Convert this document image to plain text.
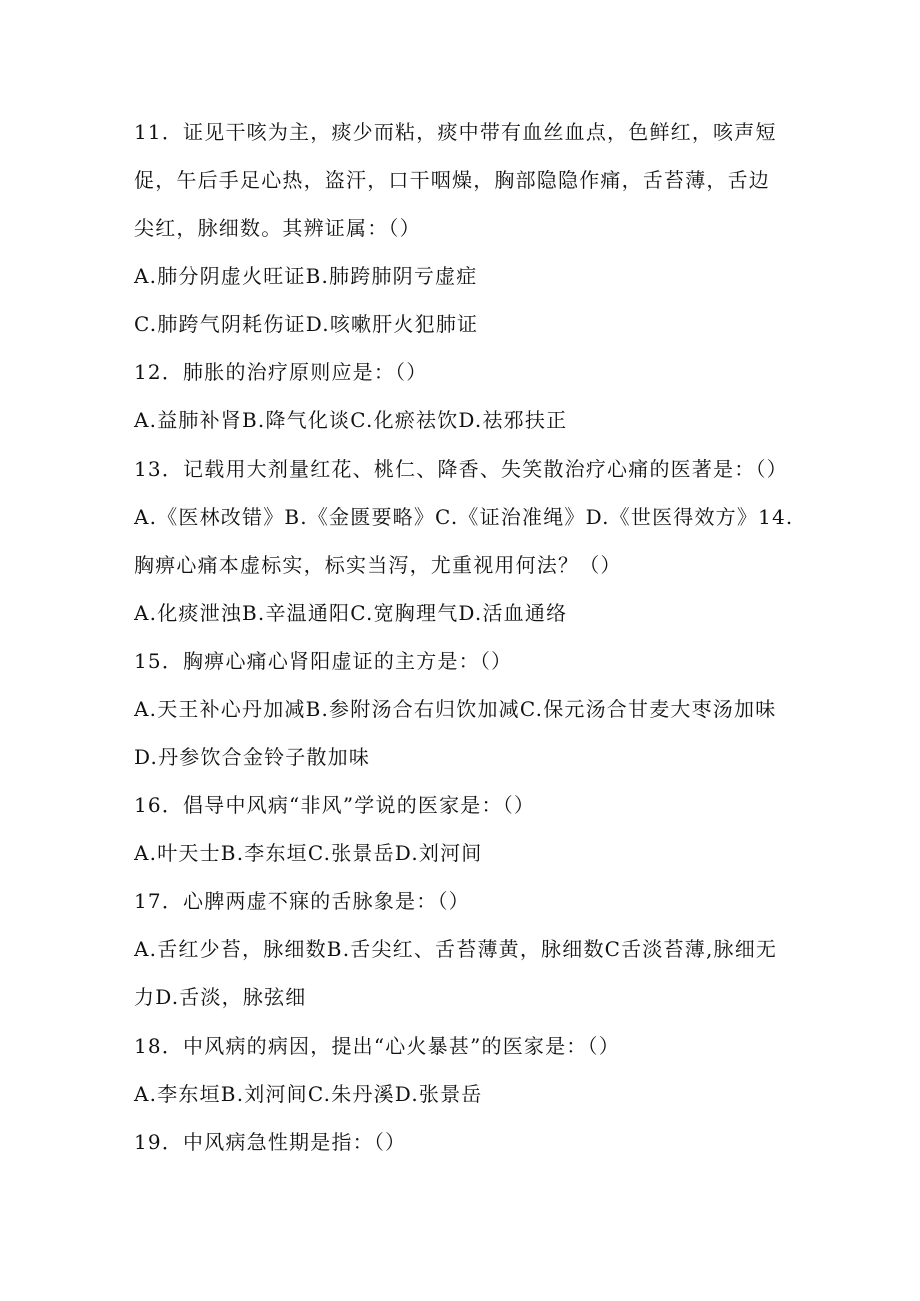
11．证见干咳为主，痰少而粘，痰中带有血丝血点，色鲜红，咳声短
促，午后手足心热，盗汗，口干咽燥，胸部隐隐作痛，舌苔薄，舌边
尖红，脉细数。其辨证属：（）
A.肺分阴虚火旺证B.肺跨肺阴亏虚症
C.肺跨气阴耗伤证D.咳嗽肝火犯肺证
12．肺胀的治疗原则应是：（）
A.益肺补肾B.降气化谈C.化瘀祛饮D.祛邪扶正
13．记载用大剂量红花、桃仁、降香、失笑散治疗心痛的医著是：（）
A.《医林改错》B.《金匮要略》C.《证治准绳》D.《世医得效方》14.
胸痹心痛本虚标实，标实当泻，尤重视用何法？（）
A.化痰泄浊B.辛温通阳C.宽胸理气D.活血通络
15．胸痹心痛心肾阳虚证的主方是：（）
A.天王补心丹加减B.参附汤合右归饮加减C.保元汤合甘麦大枣汤加味
D.丹参饮合金铃子散加味
16．倡导中风病“非风”学说的医家是：（）
A.叶天士B.李东垣C.张景岳D.刘河间
17．心脾两虚不寐的舌脉象是：（）
A.舌红少苔，脉细数B.舌尖红、舌苔薄黄，脉细数C舌淡苔薄,脉细无
力D.舌淡，脉弦细
18．中风病的病因，提出“心火暴甚”的医家是：（）
A.李东垣B.刘河间C.朱丹溪D.张景岳
19．中风病急性期是指：（）
